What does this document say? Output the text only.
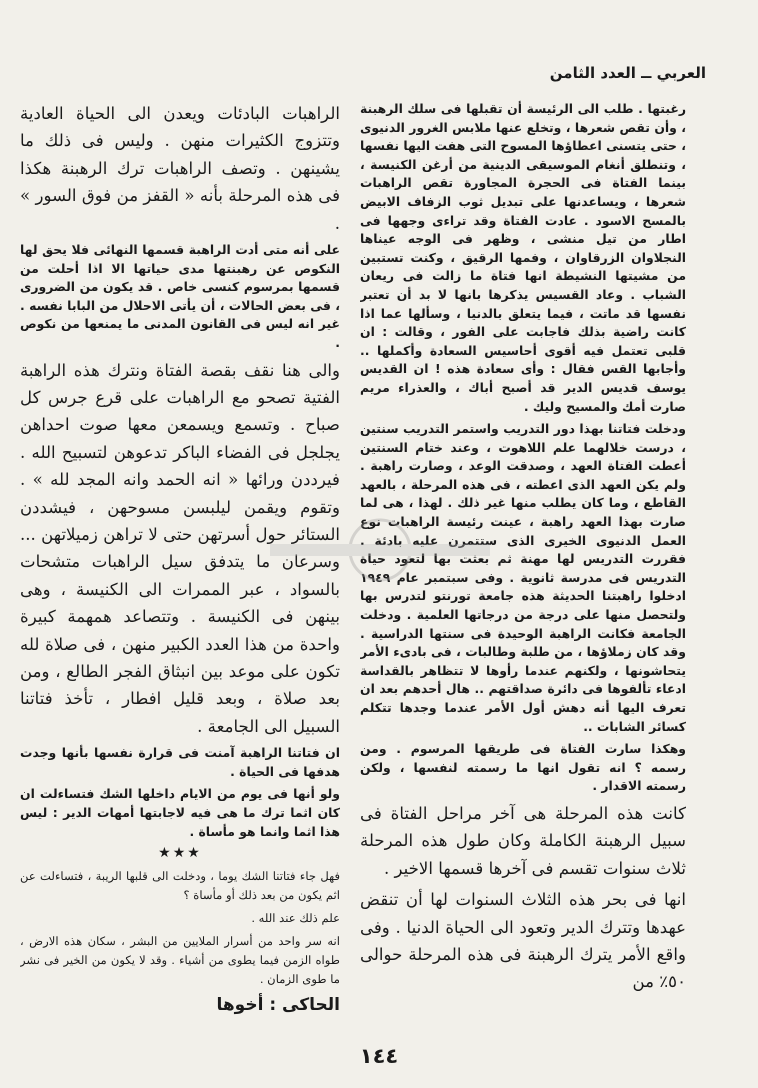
العربي ــ العدد الثامن

رغبتها . طلب الى الرئيسة أن تقبلها فى سلك الرهبنة ، وأن تقص شعرها ، وتخلع عنها ملابس الغرور الدنيوى ، حتى يتسنى اعطاؤها المسوح التى هفت اليها نفسها ، وتنطلق أنغام الموسيقى الدينية من أرغن الكنيسة ، بينما الفتاة فى الحجرة المجاورة تقص الراهبات شعرها ، ويساعدنها على تبديل ثوب الزفاف الابيض بالمسح الاسود . عادت الفتاة وقد تراءى وجهها فى اطار من تيل منشى ، وظهر فى الوجه عيناها النجلاوان الزرقاوان ، وفمها الرقيق ، وكنت تستبين من مشيتها النشيطة انها فتاة ما زالت فى ريعان الشباب . وعاد القسيس يذكرها بانها لا بد أن تعتبر نفسها قد ماتت ، فيما يتعلق بالدنيا ، وسألها عما اذا كانت راضية بذلك فاجابت على الفور ، وقالت : ان قلبى تعتمل فيه أقوى أحاسيس السعادة وأكملها .. وأجابها القس فقال : وأى سعادة هذه ! ان القديس يوسف قديس الدير قد أصبح أباك ، والعذراء مريم صارت أمك والمسيح وليك .

ودخلت فتاتنا بهذا دور التدريب واستمر التدريب سنتين ، درست خلالهما علم اللاهوت ، وعند ختام السنتين أعطت الفتاة العهد ، وصدقت الوعد ، وصارت راهبة . ولم يكن العهد الذى اعطته ، فى هذه المرحلة ، بالعهد القاطع ، وما كان يطلب منها غير ذلك . لهذا ، هى لما صارت بهذا العهد راهبة ، عينت رئيسة الراهبات نوع العمل الدنيوى الخيرى الذى ستتمرن عليه بادئة . فقررت التدريس لها مهنة ثم بعثت بها لتعود حياة التدريس فى مدرسة ثانوية . وفى سبتمبر عام ١٩٤٩ ادخلوا راهبتنا الحديثة هذه جامعة تورنتو لتدرس بها ولتحصل منها على درجة من درجاتها العلمية . ودخلت الجامعة فكانت الراهبة الوحيدة فى سنتها الدراسية . وقد كان زملاؤها ، من طلبة وطالبات ، فى بادىء الأمر يتحاشونها ، ولكنهم عندما رأوها لا تتظاهر بالقداسة ادعاء تألفوها فى دائرة صداقتهم .. هال أحدهم بعد ان تعرف اليها أنه دهش أول الأمر عندما وجدها تتكلم كسائر الشابات ..

وهكذا سارت الفتاة فى طريقها المرسوم . ومن رسمه ؟ انه تقول انها ما رسمته لنفسها ، ولكن رسمته الاقدار .

كانت هذه المرحلة هى آخر مراحل الفتاة فى سبيل الرهبنة الكاملة وكان طول هذه المرحلة ثلاث سنوات تقسم فى آخرها قسمها الاخير .

انها فى بحر هذه الثلاث السنوات لها أن تنقض عهدها وتترك الدير وتعود الى الحياة الدنيا . وفى واقع الأمر يترك الرهبنة فى هذه المرحلة حوالى ٥٠٪ من

الراهبات البادئات ويعدن الى الحياة العادية وتتزوج الكثيرات منهن . وليس فى ذلك ما يشينهن . وتصف الراهبات ترك الرهبنة هكذا فى هذه المرحلة بأنه « القفز من فوق السور » .

على أنه متى أدت الراهبة قسمها النهائى فلا يحق لها النكوص عن رهبنتها مدى حياتها الا اذا أحلت من قسمها بمرسوم كنسى خاص . قد يكون من الضرورى ، فى بعض الحالات ، أن يأتى الاحلال من البابا نفسه . غير انه ليس فى القانون المدنى ما يمنعها من نكوص .

والى هنا نقف بقصة الفتاة ونترك هذه الراهبة الفتية تصحو مع الراهبات على قرع جرس كل صباح . وتسمع ويسمعن معها صوت احداهن يجلجل فى الفضاء الباكر تدعوهن لتسبيح الله . فيرددن ورائها « انه الحمد وانه المجد لله » . وتقوم ويقمن ليلبسن مسوحهن ، فيشددن الستائر حول أسرتهن حتى لا تراهن زميلاتهن ... وسرعان ما يتدفق سيل الراهبات متشحات بالسواد ، عبر الممرات الى الكنيسة ، وهى بينهن فى الكنيسة . وتتصاعد همهمة كبيرة واحدة من هذا العدد الكبير منهن ، فى صلاة لله تكون على موعد بين انبثاق الفجر الطالع ، ومن بعد صلاة ، وبعد قليل افطار ، تأخذ فتاتنا السبيل الى الجامعة .

ان فتاتنا الراهبة آمنت فى قرارة نفسها بأنها وجدت هدفها فى الحياة .

ولو أنها فى يوم من الايام داخلها الشك فتساءلت ان كان اثما ترك ما هى فيه لاجابتها أمهات الدير : ليس هذا اثما وانما هو مأساة .

★★★

فهل جاء فتاتنا الشك يوما ، ودخلت الى قلبها الريبة ، فتساءلت عن اثم يكون من بعد ذلك أو مأساة ؟

علم ذلك عند الله .

انه سر واحد من أسرار الملايين من البشر ، سكان هذه الارض ، طواه الزمن فيما يطوى من أشياء . وقد لا يكون من الخير فى نشر ما طوى الزمان .

الحاكى : أخوها
١٤٤
